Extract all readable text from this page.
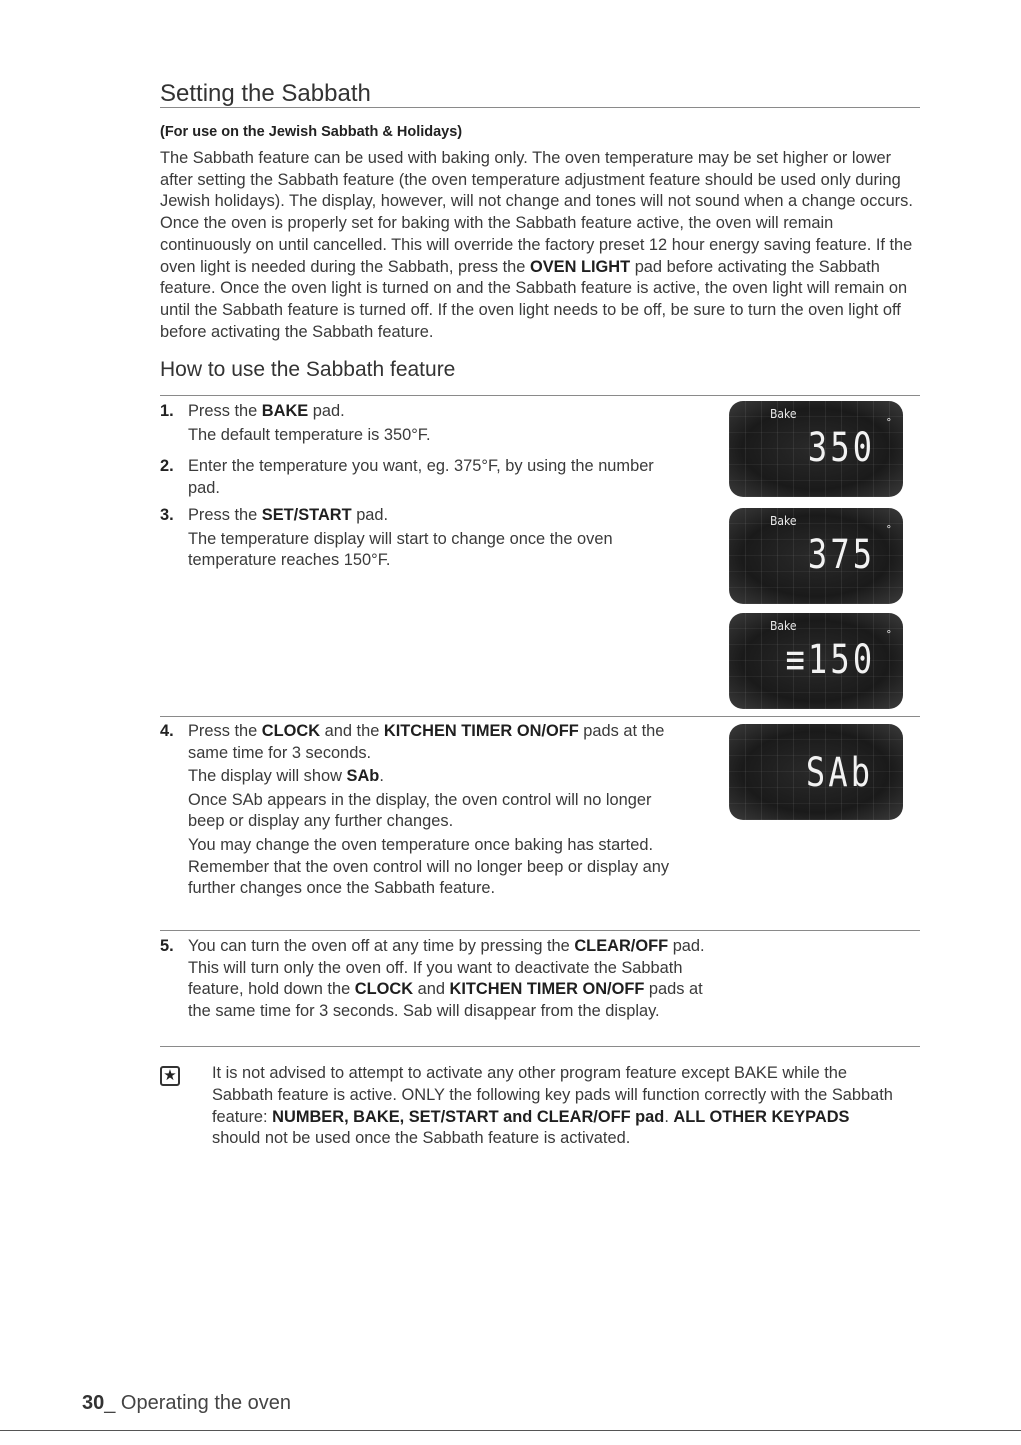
Setting the Sabbath
(For use on the Jewish Sabbath & Holidays)

The Sabbath feature can be used with baking only. The oven temperature may be set higher or lower after setting the Sabbath feature (the oven temperature adjustment feature should be used only during Jewish holidays). The display, however, will not change and tones will not sound when a change occurs. Once the oven is properly set for baking with the Sabbath feature active, the oven will remain continuously on until cancelled. This will override the factory preset 12 hour energy saving feature. If the oven light is needed during the Sabbath, press the OVEN LIGHT pad before activating the Sabbath feature. Once the oven light is turned on and the Sabbath feature is active, the oven light will remain on until the Sabbath feature is turned off. If the oven light needs to be off, be sure to turn the oven light off before activating the Sabbath feature.

How to use the Sabbath feature
1. Press the BAKE pad.
The default temperature is 350°F.
2. Enter the temperature you want, eg. 375°F, by using the number pad.
3. Press the SET/START pad.
The temperature display will start to change once the oven temperature reaches 150°F.
4. Press the CLOCK and the KITCHEN TIMER ON/OFF pads at the same time for 3 seconds.
The display will show SAb.
Once SAb appears in the display, the oven control will no longer beep or display any further changes.
You may change the oven temperature once baking has started. Remember that the oven control will no longer beep or display any further changes once the Sabbath feature.
5. You can turn the oven off at any time by pressing the CLEAR/OFF pad. This will turn only the oven off. If you want to deactivate the Sabbath feature, hold down the CLOCK and KITCHEN TIMER ON/OFF pads at the same time for 3 seconds. Sab will disappear from the display.
Bake
350
°
Bake
375
°
Bake
≡150
°
SAb
★ It is not advised to attempt to activate any other program feature except BAKE while the Sabbath feature is active. ONLY the following key pads will function correctly with the Sabbath feature: NUMBER, BAKE, SET/START and CLEAR/OFF pad. ALL OTHER KEYPADS should not be used once the Sabbath feature is activated.
30_ Operating the oven
